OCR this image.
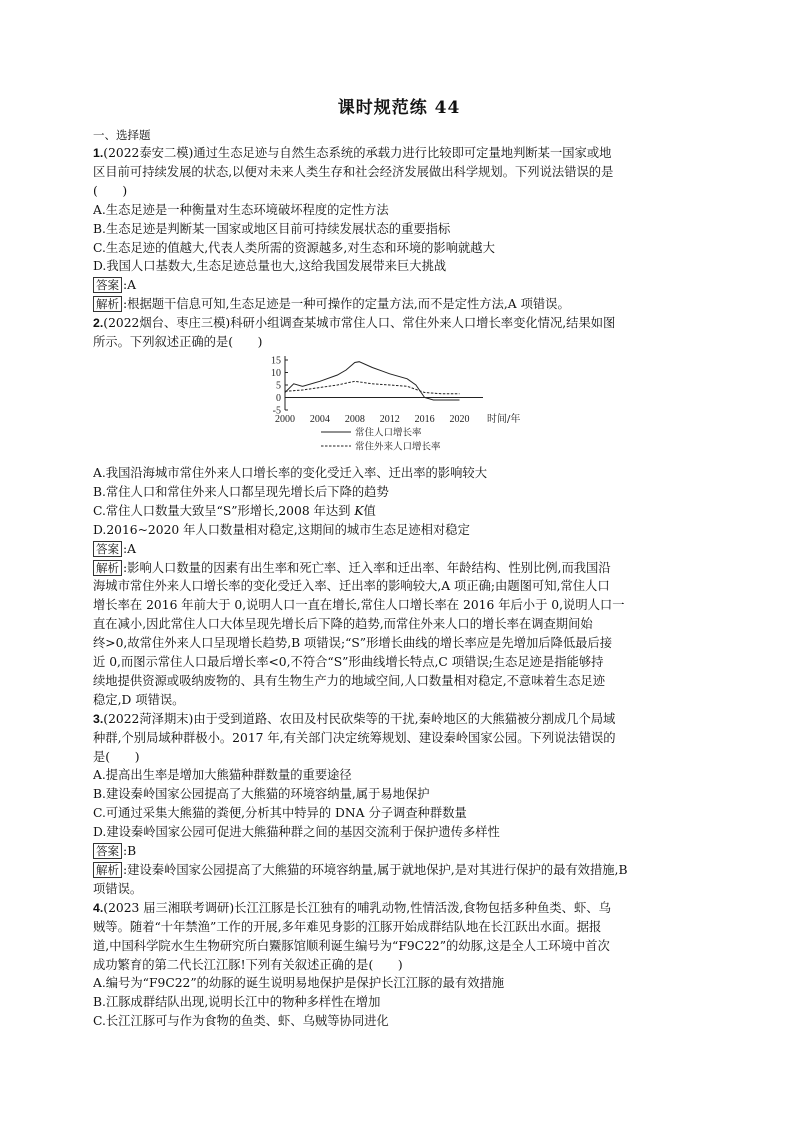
课时规范练 44
一、选择题
1.(2022泰安二模)通过生态足迹与自然生态系统的承载力进行比较即可定量地判断某一国家或地
区目前可持续发展的状态,以便对未来人类生存和社会经济发展做出科学规划。下列说法错误的是
(　　)
A.生态足迹是一种衡量对生态环境破坏程度的定性方法
B.生态足迹是判断某一国家或地区目前可持续发展状态的重要指标
C.生态足迹的值越大,代表人类所需的资源越多,对生态和环境的影响就越大
D.我国人口基数大,生态足迹总量也大,这给我国发展带来巨大挑战
答案 :A
解析 :根据题干信息可知,生态足迹是一种可操作的定量方法,而不是定性方法,A 项错误。
2.(2022烟台、枣庄三模)科研小组调查某城市常住人口、常住外来人口增长率变化情况,结果如图
所示。下列叙述正确的是(　　)
15
10
5
0
-5
2000 2004 2008 2012 2016 2020 时间/年
常住人口增长率
常住外来人口增长率
A.我国沿海城市常住外来人口增长率的变化受迁入率、迁出率的影响较大
B.常住人口和常住外来人口都呈现先增长后下降的趋势
C.常住人口数量大致呈“S”形增长,2008 年达到 K值
D.2016~2020 年人口数量相对稳定,这期间的城市生态足迹相对稳定
答案 :A
解析 :影响人口数量的因素有出生率和死亡率、迁入率和迁出率、年龄结构、性别比例,而我国沿
海城市常住外来人口增长率的变化受迁入率、迁出率的影响较大,A 项正确;由题图可知,常住人口
增长率在 2016 年前大于 0,说明人口一直在增长,常住人口增长率在 2016 年后小于 0,说明人口一
直在减小,因此常住人口大体呈现先增长后下降的趋势,而常住外来人口的增长率在调查期间始
终>0,故常住外来人口呈现增长趋势,B 项错误;“S”形增长曲线的增长率应是先增加后降低最后接
近 0,而图示常住人口最后增长率<0,不符合“S”形曲线增长特点,C 项错误;生态足迹是指能够持
续地提供资源或吸纳废物的、具有生物生产力的地域空间,人口数量相对稳定,不意味着生态足迹
稳定,D 项错误。
3.(2022菏泽期末)由于受到道路、农田及村民砍柴等的干扰,秦岭地区的大熊猫被分割成几个局域
种群,个别局域种群极小。2017 年,有关部门决定统筹规划、建设秦岭国家公园。下列说法错误的
是(　　)
A.提高出生率是增加大熊猫种群数量的重要途径
B.建设秦岭国家公园提高了大熊猫的环境容纳量,属于易地保护
C.可通过采集大熊猫的粪便,分析其中特异的 DNA 分子调查种群数量
D.建设秦岭国家公园可促进大熊猫种群之间的基因交流利于保护遗传多样性
答案 :B
解析 :建设秦岭国家公园提高了大熊猫的环境容纳量,属于就地保护,是对其进行保护的最有效措施,B
项错误。
4.(2023 届三湘联考调研)长江江豚是长江独有的哺乳动物,性情活泼,食物包括多种鱼类、虾、乌
贼等。随着“十年禁渔”工作的开展,多年难见身影的江豚开始成群结队地在长江跃出水面。据报
道,中国科学院水生生物研究所白鱀豚馆顺利诞生编号为“F9C22”的幼豚,这是全人工环境中首次
成功繁育的第二代长江江豚!下列有关叙述正确的是(　　)
A.编号为“F9C22”的幼豚的诞生说明易地保护是保护长江江豚的最有效措施
B.江豚成群结队出现,说明长江中的物种多样性在增加
C.长江江豚可与作为食物的鱼类、虾、乌贼等协同进化
